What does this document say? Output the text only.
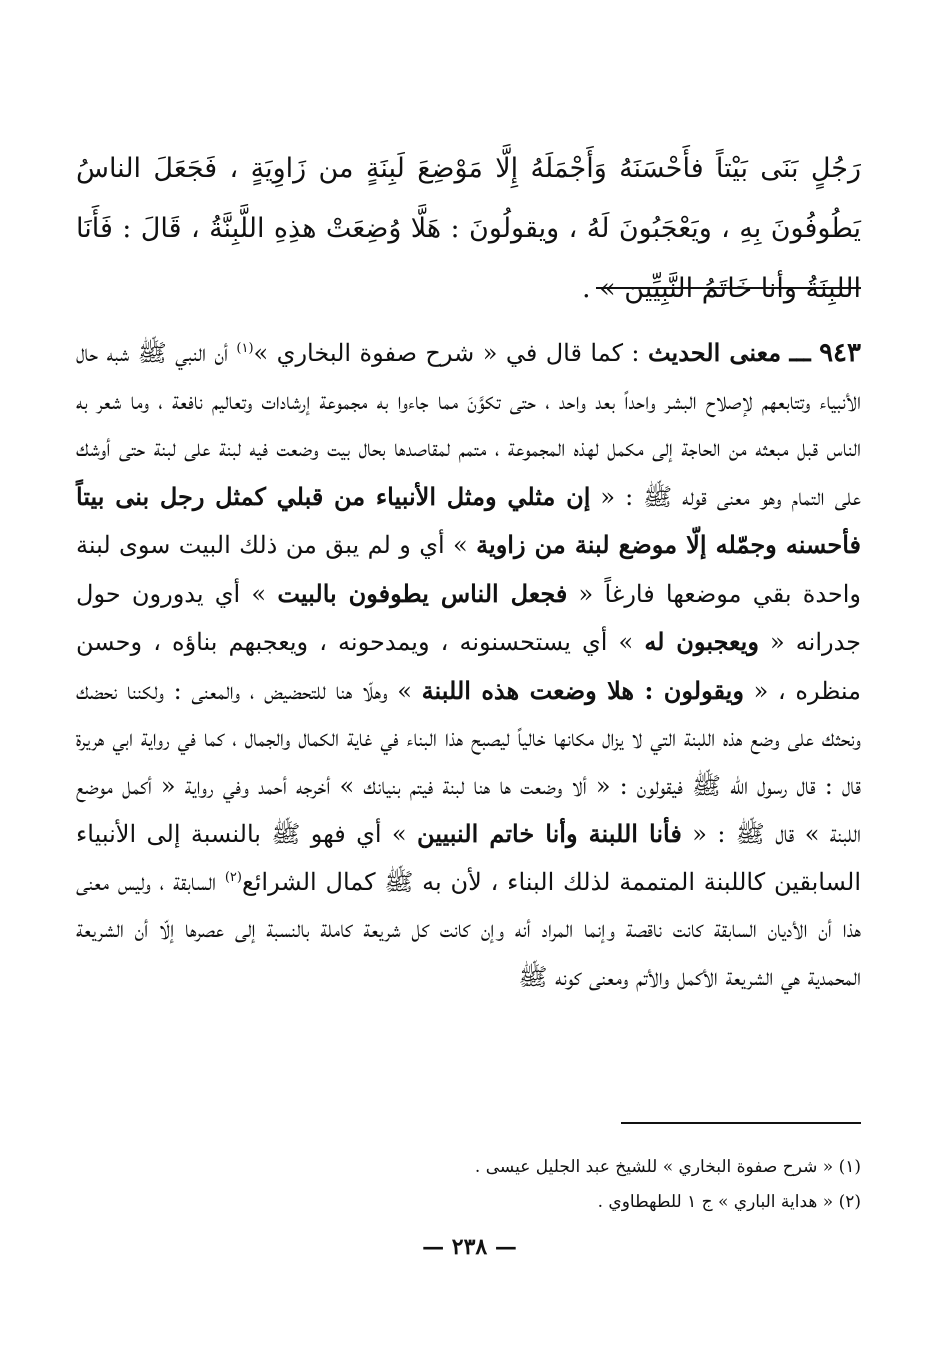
رَجُلٍ بَنَى بَيْتاً فأَحْسَنَهُ وَأَجْمَلَهُ إِلَّا مَوْضِعَ لَبِنَةٍ من زَاوِيَةٍ ، فَجَعَلَ الناسُ يَطُوفُونَ بِهِ ، ويَعْجَبُونَ لَهُ ، ويقولُونَ : هَلَّا وُضِعَتْ هذِهِ اللَّبِنَّةُ ، قَالَ : فَأَنَا اللبِنَةُ وأنا خَاتَمُ النَّبِيِّين » .

٩٤٣ ـــ معنى الحديث : كما قال في « شرح صفوة البخاري »$^{(١)}$ أن النبي ﷺ شبه حال الأنبياء وتتابعهم لإصلاح البشر واحداً بعد واحد ، حتى تكوَّنَ مما جاءوا به مجموعة إرشادات وتعاليم نافعة ، وما شعر به الناس قبل مبعثه من الحاجة إلى مكمل لهذه المجموعة ، متمم لمقاصدها بحال بيت وضعت فيه لبنة على لبنة حتى أوشك على التمام وهو معنى قوله ﷺ : « إن مثلي ومثل الأنبياء من قبلي كمثل رجل بنى بيتاً فأحسنه وجمّله إلّا موضع لبنة من زاوية » أي و لم يبق من ذلك البيت سوى لبنة واحدة بقي موضعها فارغاً « فجعل الناس يطوفون بالبيت » أي يدورون حول جدرانه « ويعجبون له » أي يستحسنونه ، ويمدحونه ، ويعجبهم بناؤه ، وحسن منظره ، « ويقولون : هلا وضعت هذه اللبنة » وهلّا هنا للتحضيض ، والمعنى : ولكننا نحضك ونحثك على وضع هذه اللبنة التي لا يزال مكانها خالياً ليصبح هذا البناء في غاية الكمال والجمال ، كما في رواية ابي هريرة قال : قال رسول الله ﷺ فيقولون : « ألا وضعت ها هنا لبنة فيتم بنيانك » أخرجه أحمد وفي رواية « أكمل موضع اللبنة » قال ﷺ : « فأنا اللبنة وأنا خاتم النبيين » أي فهو ﷺ بالنسبة إلى الأنبياء السابقين كاللبنة المتممة لذلك البناء ، لأن به ﷺ كمال الشرائع$^{(٢)}$ السابقة ، وليس معنى هذا أن الأديان السابقة كانت ناقصة وإنما المراد أنه وإن كانت كل شريعة كاملة بالنسبة إلى عصرها إلّا أن الشريعة المحمدية هي الشريعة الأكمل والأتم ومعنى كونه ﷺ

(١) « شرح صفوة البخاري » للشيخ عبد الجليل عيسى .
(٢) « هداية الباري » ج ١ للطهطاوي .
— ٢٣٨ —
